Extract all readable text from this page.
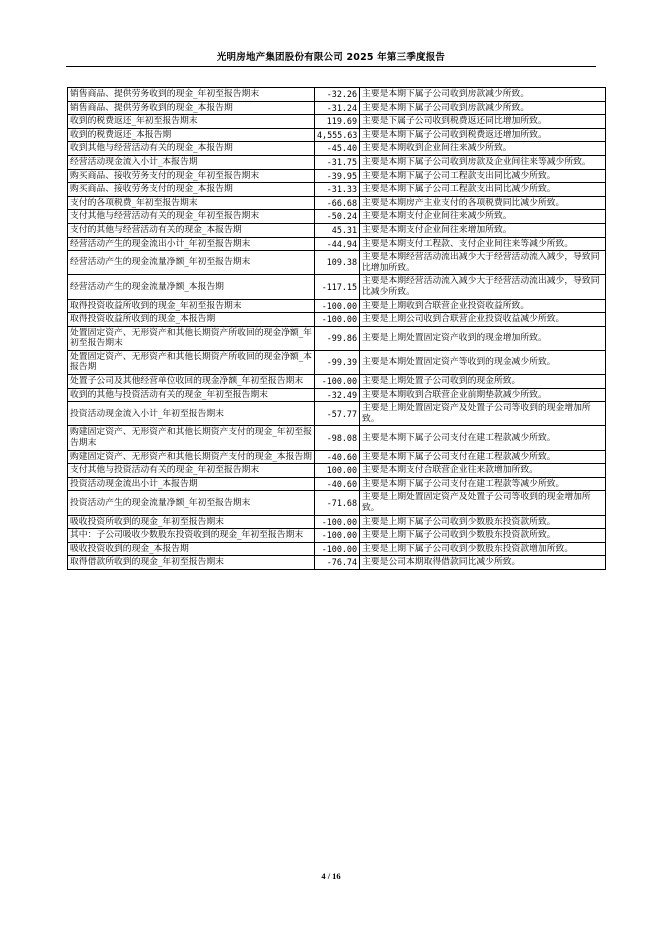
光明房地产集团股份有限公司 2025 年第三季度报告
销售商品、提供劳务收到的现金_年初至报告期末	-32.26	主要是本期下属子公司收到房款减少所致。
销售商品、提供劳务收到的现金_本报告期	-31.24	主要是本期下属子公司收到房款减少所致。
收到的税费返还_年初至报告期末	119.69	主要是下属子公司收到税费返还同比增加所致。
收到的税费返还_本报告期	4,555.63	主要是本期下属子公司收到税费返还增加所致。
收到其他与经营活动有关的现金_本报告期	-45.40	主要是本期收到企业间往来减少所致。
经营活动现金流入小计_本报告期	-31.75	主要是本期下属子公司收到房款及企业间往来等减少所致。
购买商品、接收劳务支付的现金_年初至报告期末	-39.95	主要是本期下属子公司工程款支出同比减少所致。
购买商品、接收劳务支付的现金_本报告期	-31.33	主要是本期下属子公司工程款支出同比减少所致。
支付的各项税费_年初至报告期末	-66.68	主要是本期房产主业支付的各项税费同比减少所致。
支付其他与经营活动有关的现金_年初至报告期末	-50.24	主要是本期支付企业间往来减少所致。
支付的其他与经营活动有关的现金_本报告期	45.31	主要是本期支付企业间往来增加所致。
经营活动产生的现金流出小计_年初至报告期末	-44.94	主要是本期支付工程款、支付企业间往来等减少所致。
经营活动产生的现金流量净额_年初至报告期末	109.38	主要是本期经营活动流出减少大于经营活动流入减少，导致同比增加所致。
经营活动产生的现金流量净额_本报告期	-117.15	主要是本期经营活动流入减少大于经营活动流出减少，导致同比减少所致。
取得投资收益所收到的现金_年初至报告期末	-100.00	主要是上期收到合联营企业投资收益所致。
取得投资收益所收到的现金_本报告期	-100.00	主要是上期公司收到合联营企业投资收益减少所致。
处置固定资产、无形资产和其他长期资产所收回的现金净额_年初至报告期末	-99.86	主要是上期处置固定资产收到的现金增加所致。
处置固定资产、无形资产和其他长期资产所收回的现金净额_本报告期	-99.39	主要是本期处置固定资产等收到的现金减少所致。
处置子公司及其他经营单位收回的现金净额_年初至报告期末	-100.00	主要是上期处置子公司收到的现金所致。
收到的其他与投资活动有关的现金_年初至报告期末	-32.49	主要是本期收到合联营企业前期垫款减少所致。
投资活动现金流入小计_年初至报告期末	-57.77	主要是上期处置固定资产及处置子公司等收到的现金增加所致。
购建固定资产、无形资产和其他长期资产支付的现金_年初至报告期末	-98.08	主要是本期下属子公司支付在建工程款减少所致。
购建固定资产、无形资产和其他长期资产支付的现金_本报告期	-40.60	主要是本期下属子公司支付在建工程款减少所致。
支付其他与投资活动有关的现金_年初至报告期末	100.00	主要是本期支付合联营企业往来款增加所致。
投资活动现金流出小计_本报告期	-40.60	主要是本期下属子公司支付在建工程款等减少所致。
投资活动产生的现金流量净额_年初至报告期末	-71.68	主要是上期处置固定资产及处置子公司等收到的现金增加所致。
吸收投资所收到的现金_年初至报告期末	-100.00	主要是上期下属子公司收到少数股东投资款所致。
其中：子公司吸收少数股东投资收到的现金_年初至报告期末	-100.00	主要是上期下属子公司收到少数股东投资款所致。
吸收投资收到的现金_本报告期	-100.00	主要是上期下属子公司收到少数股东投资款增加所致。
取得借款所收到的现金_年初至报告期末	-76.74	主要是公司本期取得借款同比减少所致。
4 / 16
